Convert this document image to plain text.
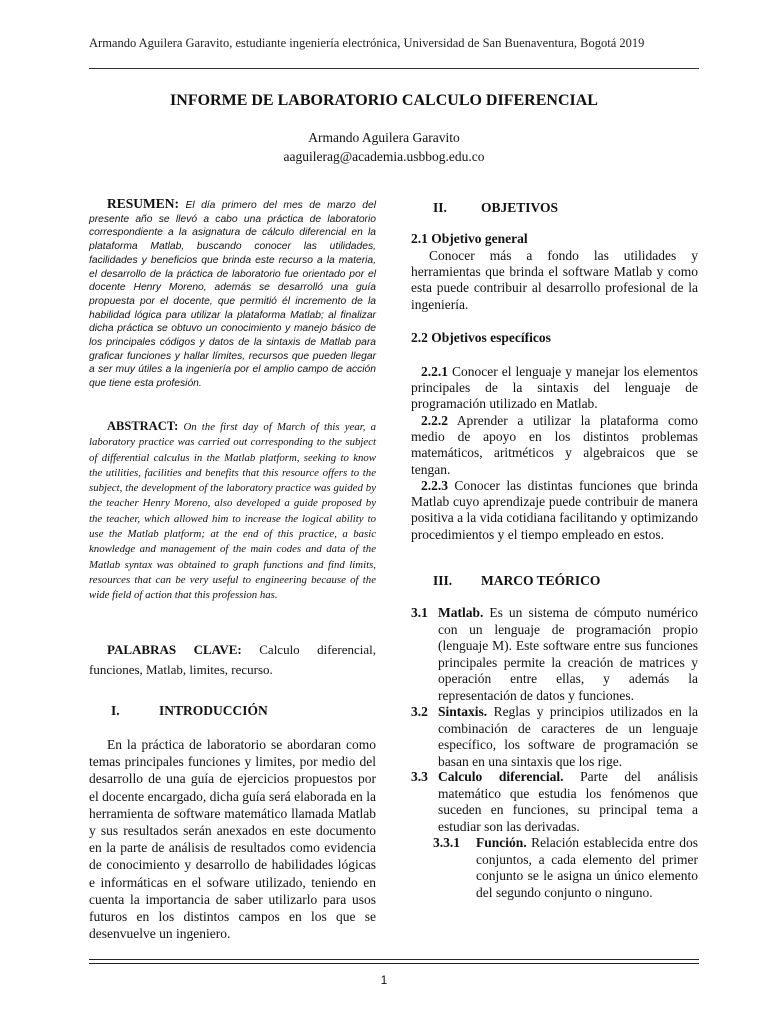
Armando Aguilera Garavito, estudiante ingeniería electrónica, Universidad de San Buenaventura, Bogotá 2019
INFORME DE LABORATORIO CALCULO DIFERENCIAL
Armando Aguilera Garavito
aaguilerag@academia.usbbog.edu.co
RESUMEN: El día primero del mes de marzo del presente año se llevó a cabo una práctica de laboratorio correspondiente a la asignatura de cálculo diferencial en la plataforma Matlab, buscando conocer las utilidades, facilidades y beneficios que brinda este recurso a la materia, el desarrollo de la práctica de laboratorio fue orientado por el docente Henry Moreno, además se desarrolló una guía propuesta por el docente, que permitió él incremento de la habilidad lógica para utilizar la plataforma Matlab; al finalizar dicha práctica se obtuvo un conocimiento y manejo básico de los principales códigos y datos de la sintaxis de Matlab para graficar funciones y hallar límites, recursos que pueden llegar a ser muy útiles a la ingeniería por el amplio campo de acción que tiene esta profesión.
ABSTRACT: On the first day of March of this year, a laboratory practice was carried out corresponding to the subject of differential calculus in the Matlab platform, seeking to know the utilities, facilities and benefits that this resource offers to the subject, the development of the laboratory practice was guided by the teacher Henry Moreno, also developed a guide proposed by the teacher, which allowed him to increase the logical ability to use the Matlab platform; at the end of this practice, a basic knowledge and management of the main codes and data of the Matlab syntax was obtained to graph functions and find limits, resources that can be very useful to engineering because of the wide field of action that this profession has.
PALABRAS CLAVE: Calculo diferencial, funciones, Matlab, limites, recurso.
I.	INTRODUCCIÓN
En la práctica de laboratorio se abordaran como temas principales funciones y limites, por medio del desarrollo de una guía de ejercicios propuestos por el docente encargado, dicha guía será elaborada en la herramienta de software matemático llamada Matlab y sus resultados serán anexados en este documento en la parte de análisis de resultados como evidencia de conocimiento y desarrollo de habilidades lógicas e informáticas en el sofware utilizado, teniendo en cuenta la importancia de saber utilizarlo para usos futuros en los distintos campos en los que se desenvuelve un ingeniero.
II.	OBJETIVOS
2.1 Objetivo general
Conocer más a fondo las utilidades y herramientas que brinda el software Matlab y como esta puede contribuir al desarrollo profesional de la ingeniería.
2.2 Objetivos específicos
2.2.1 Conocer el lenguaje y manejar los elementos principales de la sintaxis del lenguaje de programación utilizado en Matlab.
2.2.2 Aprender a utilizar la plataforma como medio de apoyo en los distintos problemas matemáticos, aritméticos y algebraicos que se tengan.
2.2.3 Conocer las distintas funciones que brinda Matlab cuyo aprendizaje puede contribuir de manera positiva a la vida cotidiana facilitando y optimizando procedimientos y el tiempo empleado en estos.
III. MARCO TEÓRICO
3.1 Matlab. Es un sistema de cómputo numérico con un lenguaje de programación propio (lenguaje M). Este software entre sus funciones principales permite la creación de matrices y operación entre ellas, y además la representación de datos y funciones.
3.2 Sintaxis. Reglas y principios utilizados en la combinación de caracteres de un lenguaje específico, los software de programación se basan en una sintaxis que los rige.
3.3 Calculo diferencial. Parte del análisis matemático que estudia los fenómenos que suceden en funciones, su principal tema a estudiar son las derivadas.
3.3.1 Función. Relación establecida entre dos conjuntos, a cada elemento del primer conjunto se le asigna un único elemento del segundo conjunto o ninguno.
1
